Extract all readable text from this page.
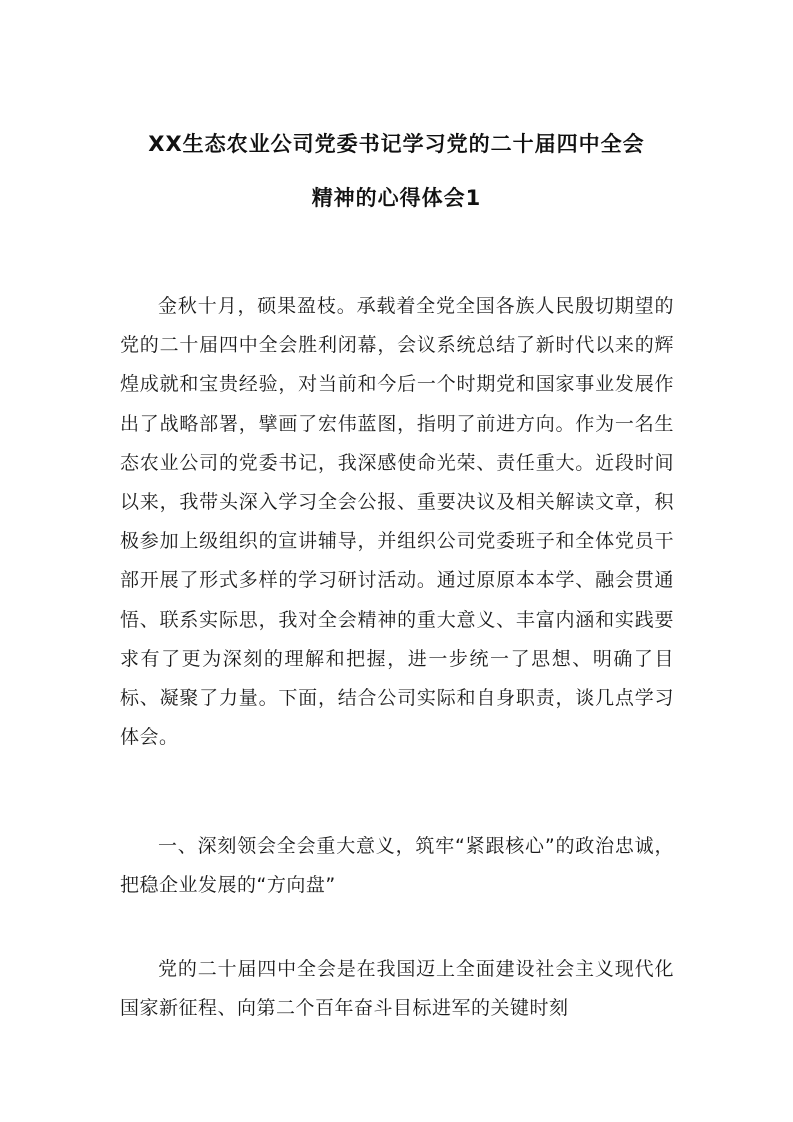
XX生态农业公司党委书记学习党的二十届四中全会
精神的心得体会1

金秋十月，硕果盈枝。承载着全党全国各族人民殷切期望的党的二十届四中全会胜利闭幕，会议系统总结了新时代以来的辉煌成就和宝贵经验，对当前和今后一个时期党和国家事业发展作出了战略部署，擘画了宏伟蓝图，指明了前进方向。作为一名生态农业公司的党委书记，我深感使命光荣、责任重大。近段时间以来，我带头深入学习全会公报、重要决议及相关解读文章，积极参加上级组织的宣讲辅导，并组织公司党委班子和全体党员干部开展了形式多样的学习研讨活动。通过原原本本学、融会贯通悟、联系实际思，我对全会精神的重大意义、丰富内涵和实践要求有了更为深刻的理解和把握，进一步统一了思想、明确了目标、凝聚了力量。下面，结合公司实际和自身职责，谈几点学习体会。

一、深刻领会全会重大意义，筑牢“紧跟核心”的政治忠诚，把稳企业发展的“方向盘”

党的二十届四中全会是在我国迈上全面建设社会主义现代化国家新征程、向第二个百年奋斗目标进军的关键时刻
